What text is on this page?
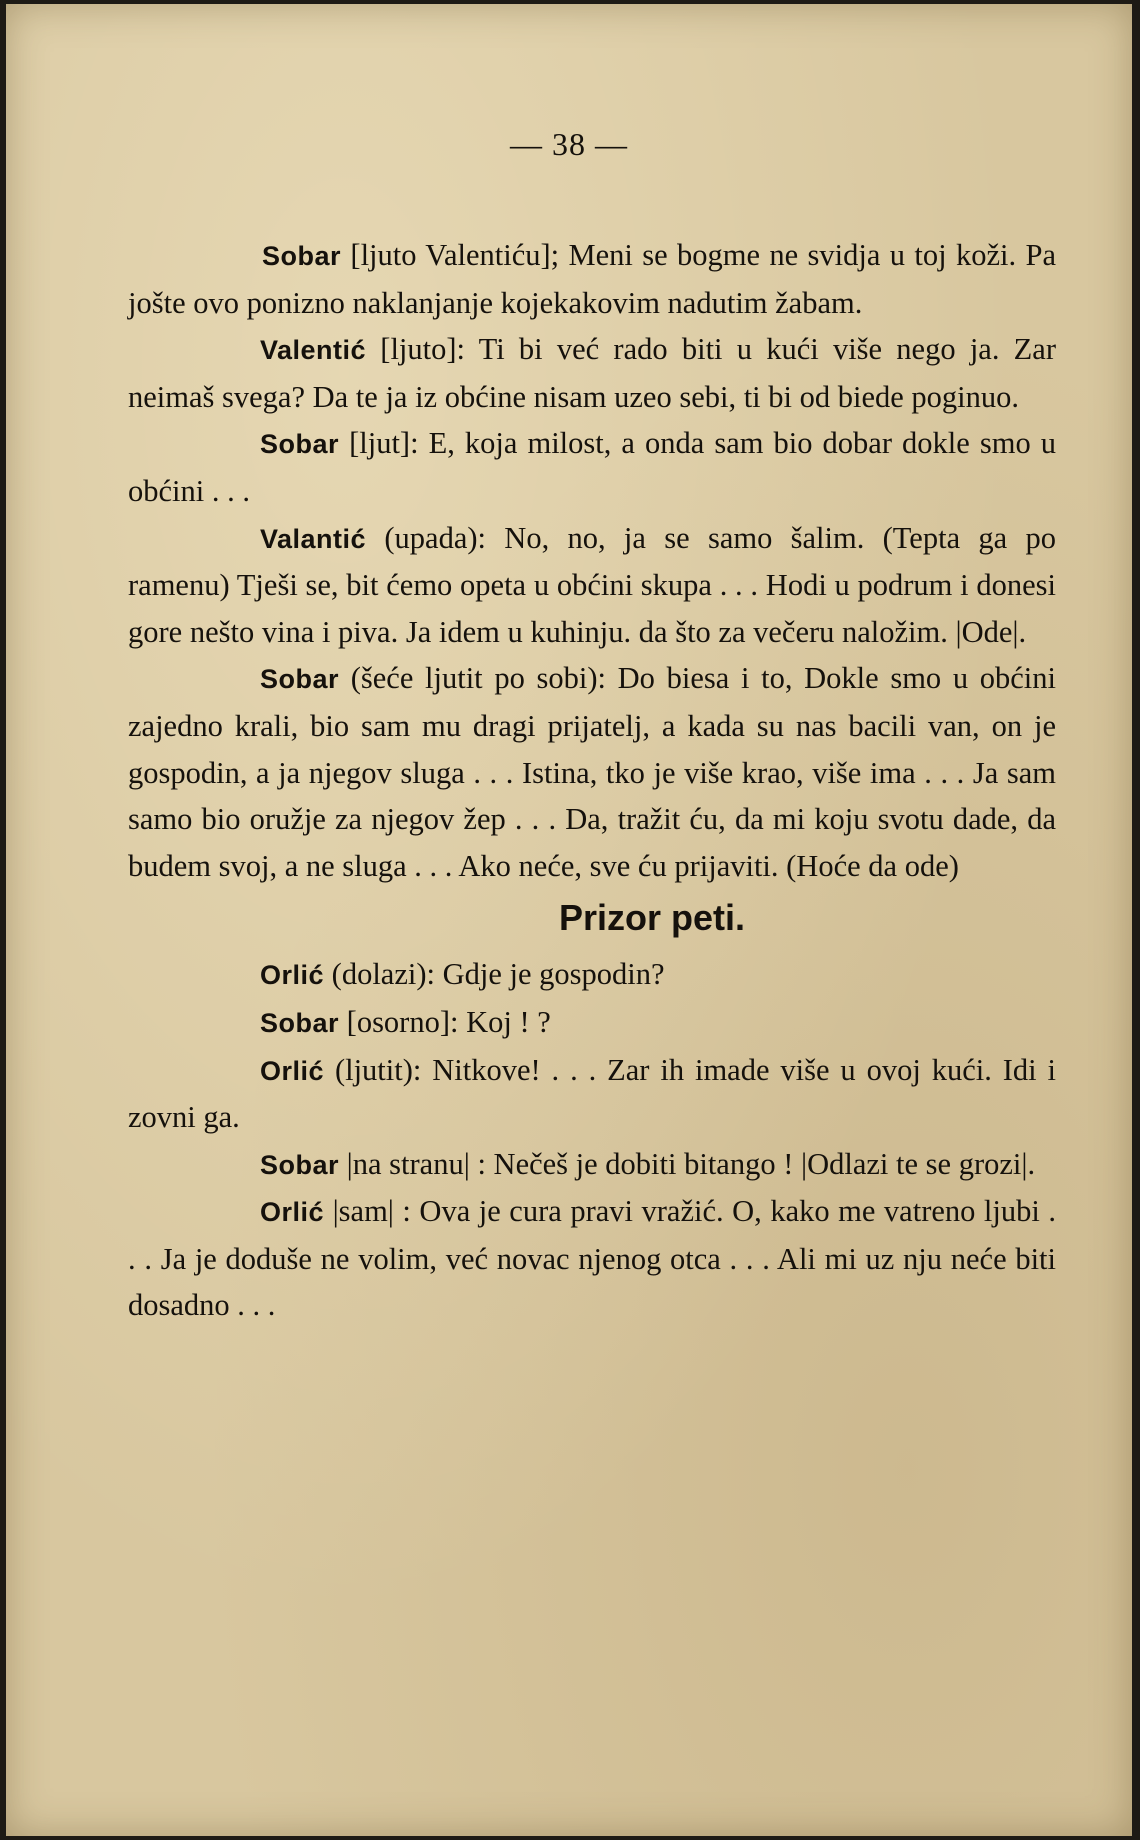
— 38 —

Sobar [ljuto Valentiću]; Meni se bogme ne svidja u toj koži. Pa jošte ovo ponizno naklanjanje kojekakovim nadutim žabam.

Valentić [ljuto]: Ti bi već rado biti u kući više nego ja. Zar neimaš svega? Da te ja iz obćine nisam uzeo sebi, ti bi od biede poginuo.

Sobar [ljut]: E, koja milost, a onda sam bio dobar dokle smo u obćini . . .

Valantić (upada): No, no, ja se samo šalim. (Tepta ga po ramenu) Tješi se, bit ćemo opeta u obćini skupa . . . Hodi u podrum i donesi gore nešto vina i piva. Ja idem u kuhinju. da što za večeru naložim. |Ode|.

Sobar (šeće ljutit po sobi): Do biesa i to, Dokle smo u obćini zajedno krali, bio sam mu dragi prijatelj, a kada su nas bacili van, on je gospodin, a ja njegov sluga . . . Istina, tko je više krao, više ima . . . Ja sam samo bio oružje za njegov žep . . . Da, tražit ću, da mi koju svotu dade, da budem svoj, a ne sluga . . . Ako neće, sve ću prijaviti. (Hoće da ode)

Prizor peti.

Orlić (dolazi): Gdje je gospodin?

Sobar [osorno]: Koj ! ?

Orlić (ljutit): Nitkove! . . . Zar ih imade više u ovoj kući. Idi i zovni ga.

Sobar |na stranu| : Nečeš je dobiti bitango ! |Odlazi te se grozi|.

Orlić |sam| : Ova je cura pravi vražić. O, kako me vatreno ljubi . . . Ja je doduše ne volim, već novac njenog otca . . . Ali mi uz nju neće biti dosadno . . .
